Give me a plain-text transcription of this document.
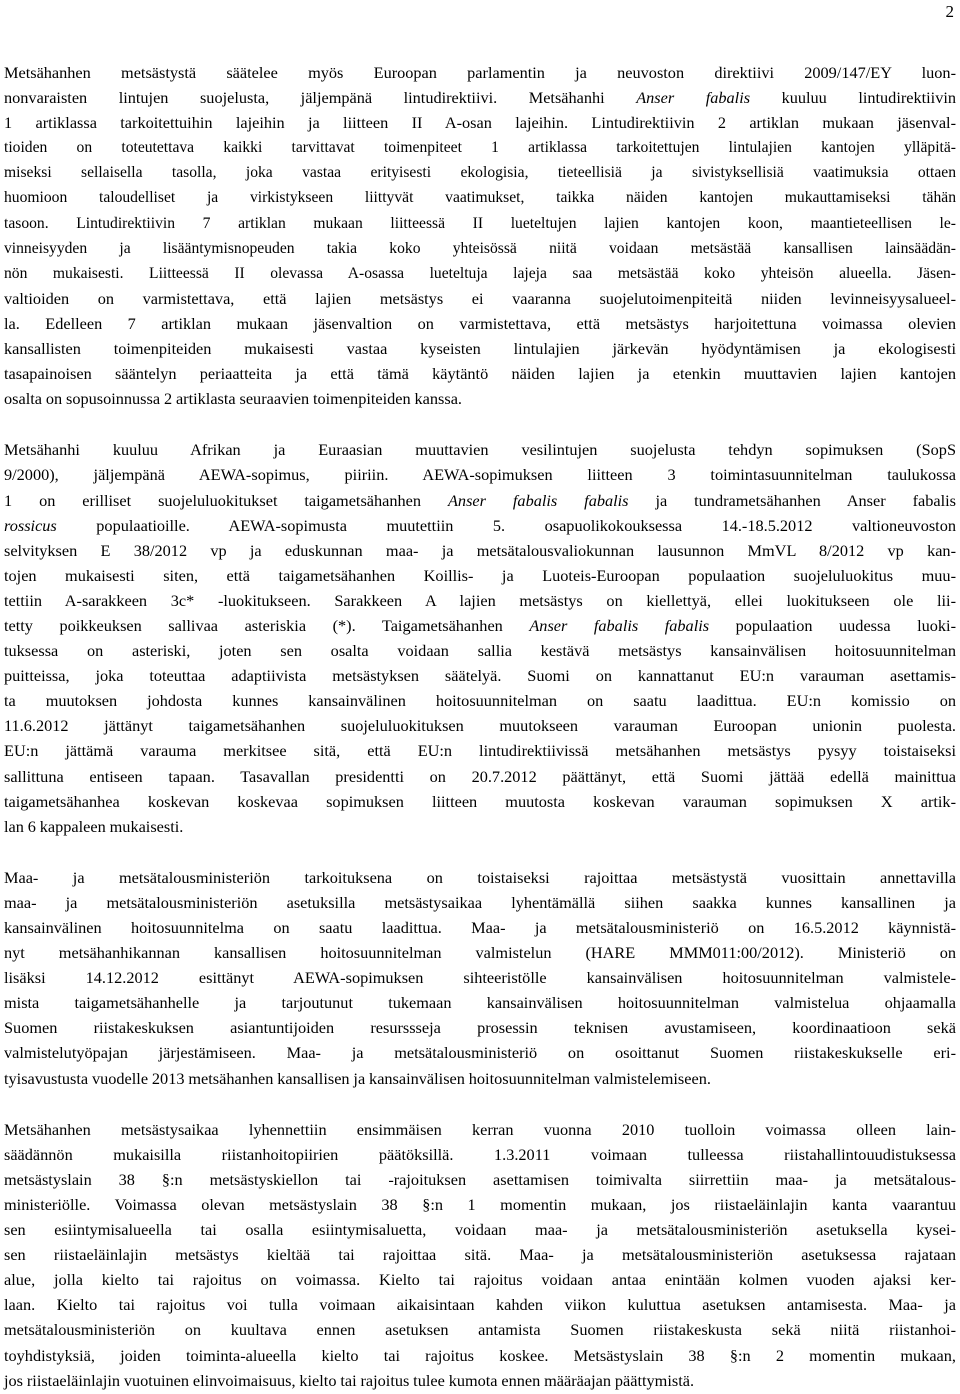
2
Metsähanhen metsästystä säätelee myös Euroopan parlamentin ja neuvoston direktiivi 2009/147/EY luon-
nonvaraisten lintujen suojelusta, jäljempänä lintudirektiivi. Metsähanhi Anser fabalis kuuluu lintudirektiivin
1 artiklassa tarkoitettuihin lajeihin ja liitteen II A-osan lajeihin. Lintudirektiivin 2 artiklan mukaan jäsenval-
tioiden on toteutettava kaikki tarvittavat toimenpiteet 1 artiklassa tarkoitettujen lintulajien kantojen ylläpitä-
miseksi sellaisella tasolla, joka vastaa erityisesti ekologisia, tieteellisiä ja sivistyksellisiä vaatimuksia ottaen
huomioon taloudelliset ja virkistykseen liittyvät vaatimukset, taikka näiden kantojen mukauttamiseksi tähän
tasoon. Lintudirektiivin 7 artiklan mukaan liitteessä II lueteltujen lajien kantojen koon, maantieteellisen le-
vinneisyyden ja lisääntymisnopeuden takia koko yhteisössä niitä voidaan metsästää kansallisen lainsäädän-
nön mukaisesti. Liitteessä II olevassa A-osassa lueteltuja lajeja saa metsästää koko yhteisön alueella. Jäsen-
valtioiden on varmistettava, että lajien metsästys ei vaaranna suojelutoimenpiteitä niiden levinneisyysalueel-
la. Edelleen 7 artiklan mukaan jäsenvaltion on varmistettava, että metsästys harjoitettuna voimassa olevien
kansallisten toimenpiteiden mukaisesti vastaa kyseisten lintulajien järkevän hyödyntämisen ja ekologisesti
tasapainoisen sääntelyn periaatteita ja että tämä käytäntö näiden lajien ja etenkin muuttavien lajien kantojen
osalta on sopusoinnussa 2 artiklasta seuraavien toimenpiteiden kanssa.
Metsähanhi kuuluu Afrikan ja Euraasian muuttavien vesilintujen suojelusta tehdyn sopimuksen (SopS
9/2000), jäljempänä AEWA-sopimus, piiriin. AEWA-sopimuksen liitteen 3 toimintasuunnitelman taulukossa
1 on erilliset suojeluluokitukset taigametsähanhen Anser fabalis fabalis ja tundrametsähanhen Anser fabalis
rossicus populaatioille. AEWA-sopimusta muutettiin 5. osapuolikokouksessa 14.-18.5.2012 valtioneuvoston
selvityksen E 38/2012 vp ja eduskunnan maa- ja metsätalousvaliokunnan lausunnon MmVL 8/2012 vp kan-
tojen mukaisesti siten, että taigametsähanhen Koillis- ja Luoteis-Euroopan populaation suojeluluokitus muu-
tettiin A-sarakkeen 3c* -luokitukseen. Sarakkeen A lajien metsästys on kiellettyä, ellei luokitukseen ole lii-
tetty poikkeuksen sallivaa asteriskia (*). Taigametsähanhen Anser fabalis fabalis populaation uudessa luoki-
tuksessa on asteriski, joten sen osalta voidaan sallia kestävä metsästys kansainvälisen hoitosuunnitelman
puitteissa, joka toteuttaa adaptiivista metsästyksen säätelyä. Suomi on kannattanut EU:n varauman asettamis-
ta muutoksen johdosta kunnes kansainvälinen hoitosuunnitelman on saatu laadittua. EU:n komissio on
11.6.2012 jättänyt taigametsähanhen suojeluluokituksen muutokseen varauman Euroopan unionin puolesta.
EU:n jättämä varauma merkitsee sitä, että EU:n lintudirektiivissä metsähanhen metsästys pysyy toistaiseksi
sallittuna entiseen tapaan. Tasavallan presidentti on 20.7.2012 päättänyt, että Suomi jättää edellä mainittua
taigametsähanhea koskevan koskevaa sopimuksen liitteen muutosta koskevan varauman sopimuksen X artik-
lan 6 kappaleen mukaisesti.
Maa- ja metsätalousministeriön tarkoituksena on toistaiseksi rajoittaa metsästystä vuosittain annettavilla
maa- ja metsätalousministeriön asetuksilla metsästysaikaa lyhentämällä siihen saakka kunnes kansallinen ja
kansainvälinen hoitosuunnitelma on saatu laadittua. Maa- ja metsätalousministeriö on 16.5.2012 käynnistä-
nyt metsähanhikannan kansallisen hoitosuunnitelman valmistelun (HARE MMM011:00/2012). Ministeriö on
lisäksi 14.12.2012 esittänyt AEWA-sopimuksen sihteeristölle kansainvälisen hoitosuunnitelman valmistele-
mista taigametsähanhelle ja tarjoutunut tukemaan kansainvälisen hoitosuunnitelman valmistelua ohjaamalla
Suomen riistakeskuksen asiantuntijoiden resurssseja prosessin teknisen avustamiseen, koordinaatioon sekä
valmistelutyöpajan järjestämiseen. Maa- ja metsätalousministeriö on osoittanut Suomen riistakeskukselle eri-
tyisavustusta vuodelle 2013 metsähanhen kansallisen ja kansainvälisen hoitosuunnitelman valmistelemiseen.
Metsähanhen metsästysaikaa lyhennettiin ensimmäisen kerran vuonna 2010 tuolloin voimassa olleen lain-
säädännön mukaisilla riistanhoitopiirien päätöksillä. 1.3.2011 voimaan tulleessa riistahallintouudistuksessa
metsästyslain 38 §:n metsästyskiellon tai -rajoituksen asettamisen toimivalta siirrettiin maa- ja metsätalous-
ministeriölle. Voimassa olevan metsästyslain 38 §:n 1 momentin mukaan, jos riistaeläinlajin kanta vaarantuu
sen esiintymisalueella tai osalla esiintymisaluetta, voidaan maa- ja metsätalousministeriön asetuksella kysei-
sen riistaeläinlajin metsästys kieltää tai rajoittaa sitä. Maa- ja metsätalousministeriön asetuksessa rajataan
alue, jolla kielto tai rajoitus on voimassa. Kielto tai rajoitus voidaan antaa enintään kolmen vuoden ajaksi ker-
laan. Kielto tai rajoitus voi tulla voimaan aikaisintaan kahden viikon kuluttua asetuksen antamisesta. Maa- ja
metsätalousministeriön on kuultava ennen asetuksen antamista Suomen riistakeskusta sekä niitä riistanhoi-
toyhdistyksiä, joiden toiminta-alueella kielto tai rajoitus koskee. Metsästyslain 38 §:n 2 momentin mukaan,
jos riistaeläinlajin vuotuinen elinvoimaisuus, kielto tai rajoitus tulee kumota ennen määräajan päättymistä.
